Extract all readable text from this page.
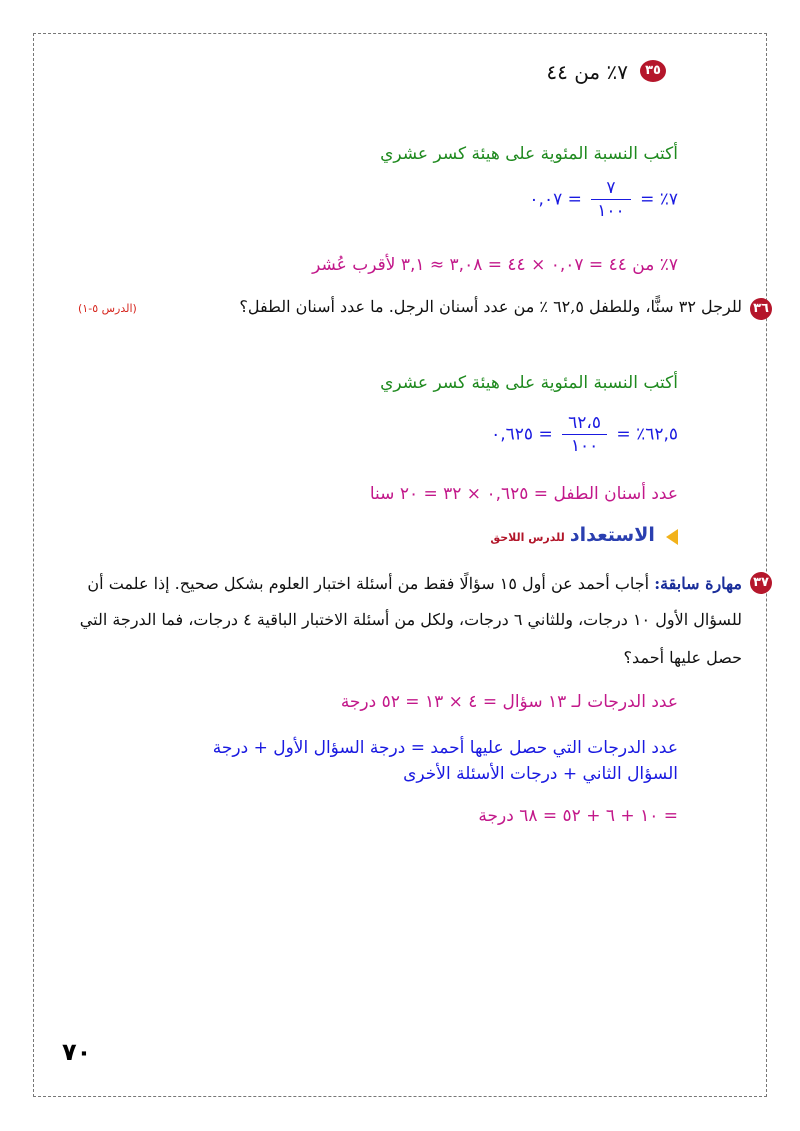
٣٥
٧٪ من ٤٤
أكتب النسبة المئوية على هيئة كسر عشري
٧٪ =
$\frac{٧}{١٠٠}$
= ٠,٠٧
٧٪ من ٤٤ = ٠,٠٧ × ٤٤ = ٣,٠٨ ≈ ٣,١ لأقرب عُشر
٣٦
للرجل ٣٢ سنًّا، وللطفل ٦٢,٥ ٪ من عدد أسنان الرجل. ما عدد أسنان الطفل؟
(الدرس ٥-١)
أكتب النسبة المئوية على هيئة كسر عشري
٦٢,٥٪ =
$\frac{٦٢،٥}{١٠٠}$
= ٠,٦٢٥
عدد أسنان الطفل = ٠,٦٢٥ × ٣٢ = ٢٠ سنا
الاستعداد للدرس اللاحق
٣٧
مهارة سابقة: أجاب أحمد عن أول ١٥ سؤالًا فقط من أسئلة اختبار العلوم بشكل صحيح. إذا علمت أن
للسؤال الأول ١٠ درجات، وللثاني ٦ درجات، ولكل من أسئلة الاختبار الباقية ٤ درجات، فما الدرجة التي
حصل عليها أحمد؟
عدد الدرجات لـ ١٣ سؤال = ٤ × ١٣ = ٥٢ درجة
عدد الدرجات التي حصل عليها أحمد = درجة السؤال الأول + درجة
السؤال الثاني + درجات الأسئلة الأخرى
= ١٠ + ٦ + ٥٢ = ٦٨ درجة
٧٠
